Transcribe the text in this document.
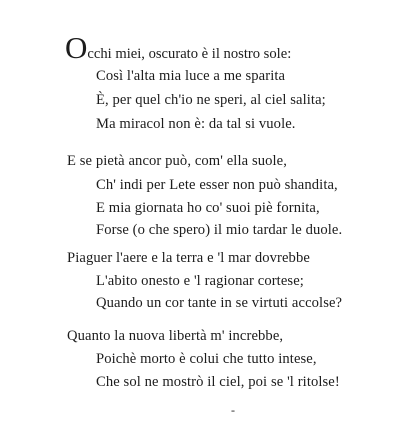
Occhi miei, oscurato è il nostro sole:
Così l'alta mia luce a me sparita
È, per quel ch'io ne speri, al ciel salita;
Ma miracol non è: da tal si vuole.
E se pietà ancor può, com' ella suole,
Ch' indi per Lete esser non può shandita,
E mia giornata ho co' suoi piè fornita,
Forse (o che spero) il mio tardar le duole.
Piaguer l'aere e la terra e 'l mar dovrebbe
L'abito onesto e 'l ragionar cortese;
Quando un cor tante in se virtuti accolse?
Quanto la nuova libertà m' increbbe,
Poichè morto è colui che tutto intese,
Che sol ne mostrò il ciel, poi se 'l ritolse!
-
